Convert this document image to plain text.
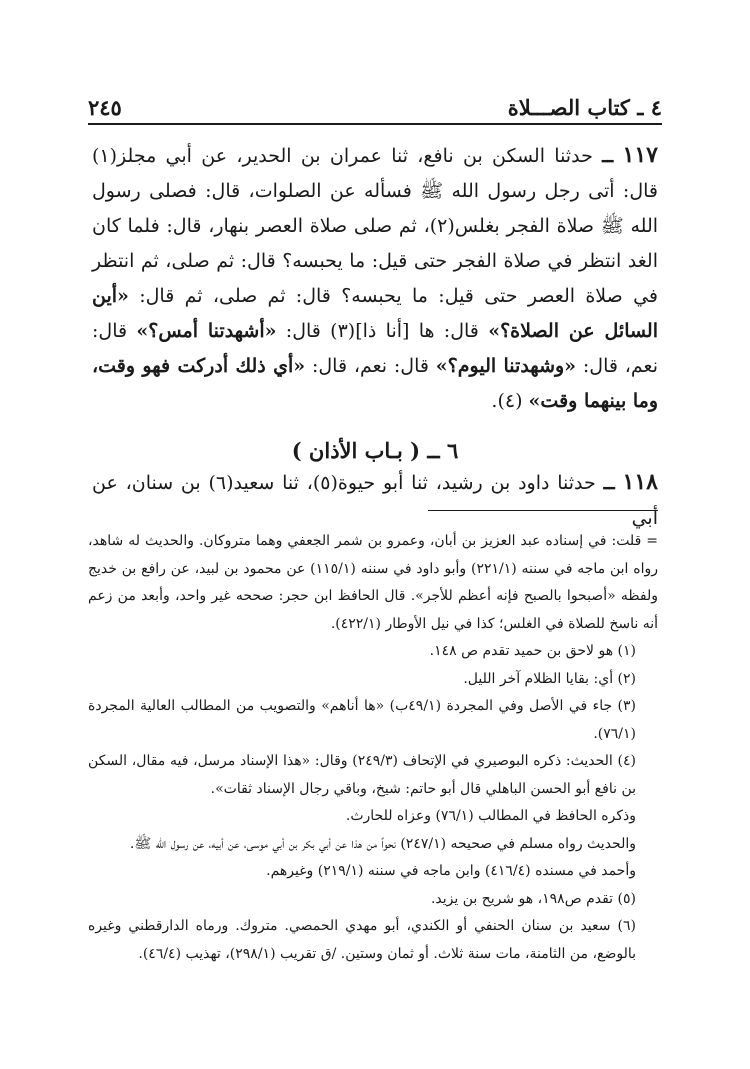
٤ ـ كتاب الصـــلاة
٢٤٥
١١٧ ــ حدثنا السكن بن نافع، ثنا عمران بن الحدير، عن أبي مجلز(١) قال: أتى رجل رسول الله ﷺ فسأله عن الصلوات، قال: فصلى رسول الله ﷺ صلاة الفجر بغلس(٢)، ثم صلى صلاة العصر بنهار، قال: فلما كان الغد انتظر في صلاة الفجر حتى قيل: ما يحبسه؟ قال: ثم صلى، ثم انتظر في صلاة العصر حتى قيل: ما يحبسه؟ قال: ثم صلى، ثم قال: «أين السائل عن الصلاة؟» قال: ها [أنا ذا](٣) قال: «أشهدتنا أمس؟» قال: نعم، قال: «وشهدتنا اليوم؟» قال: نعم، قال: «أي ذلك أدركت فهو وقت، وما بينهما وقت» (٤).
٦ ــ ( بـاب الأذان )
١١٨ ــ حدثنا داود بن رشيد، ثنا أبو حيوة(٥)، ثنا سعيد(٦) بن سنان، عن أبي

= قلت: في إسناده عبد العزيز بن أبان، وعمرو بن شمر الجعفي وهما متروكان. والحديث له شاهد، رواه ابن ماجه في سننه (٢٢١/١) وأبو داود في سننه (١١٥/١) عن محمود بن لبيد، عن رافع بن خديج ولفظه «أصبحوا بالصبح فإنه أعظم للأجر». قال الحافظ ابن حجر: صححه غير واحد، وأبعد من زعم أنه ناسخ للصلاة في الغلس؛ كذا في نيل الأوطار (٤٢٢/١).

(١) هو لاحق بن حميد تقدم ص ١٤٨.

(٢) أي: بقايا الظلام آخر الليل.

(٣) جاء في الأصل وفي المجردة (٤٩/١ب) «ها أناهم» والتصويب من المطالب العالية المجردة (٧٦/١).

(٤) الحديث: ذكره البوصيري في الإتحاف (٢٤٩/٣) وقال: «هذا الإسناد مرسل، فيه مقال، السكن بن نافع أبو الحسن الباهلي قال أبو حاتم: شيخ، وباقي رجال الإسناد ثقات».

وذكره الحافظ في المطالب (٧٦/١) وعزاه للحارث.

والحديث رواه مسلم في صحيحه (٢٤٧/١) نحواً من هذا عن أبي بكر بن أبي موسى، عن أبيه، عن رسول الله ﷺ.

وأحمد في مسنده (٤١٦/٤) وابن ماجه في سننه (٢١٩/١) وغيرهم.

(٥) تقدم ص١٩٨، هو شريح بن يزيد.

(٦) سعيد بن سنان الحنفي أو الكندي، أبو مهدي الحمصي. متروك. ورماه الدارقطني وغيره بالوضع، من الثامنة، مات سنة ثلاث. أو ثمان وستين. /ق تقريب (٢٩٨/١)، تهذيب (٤٦/٤).
